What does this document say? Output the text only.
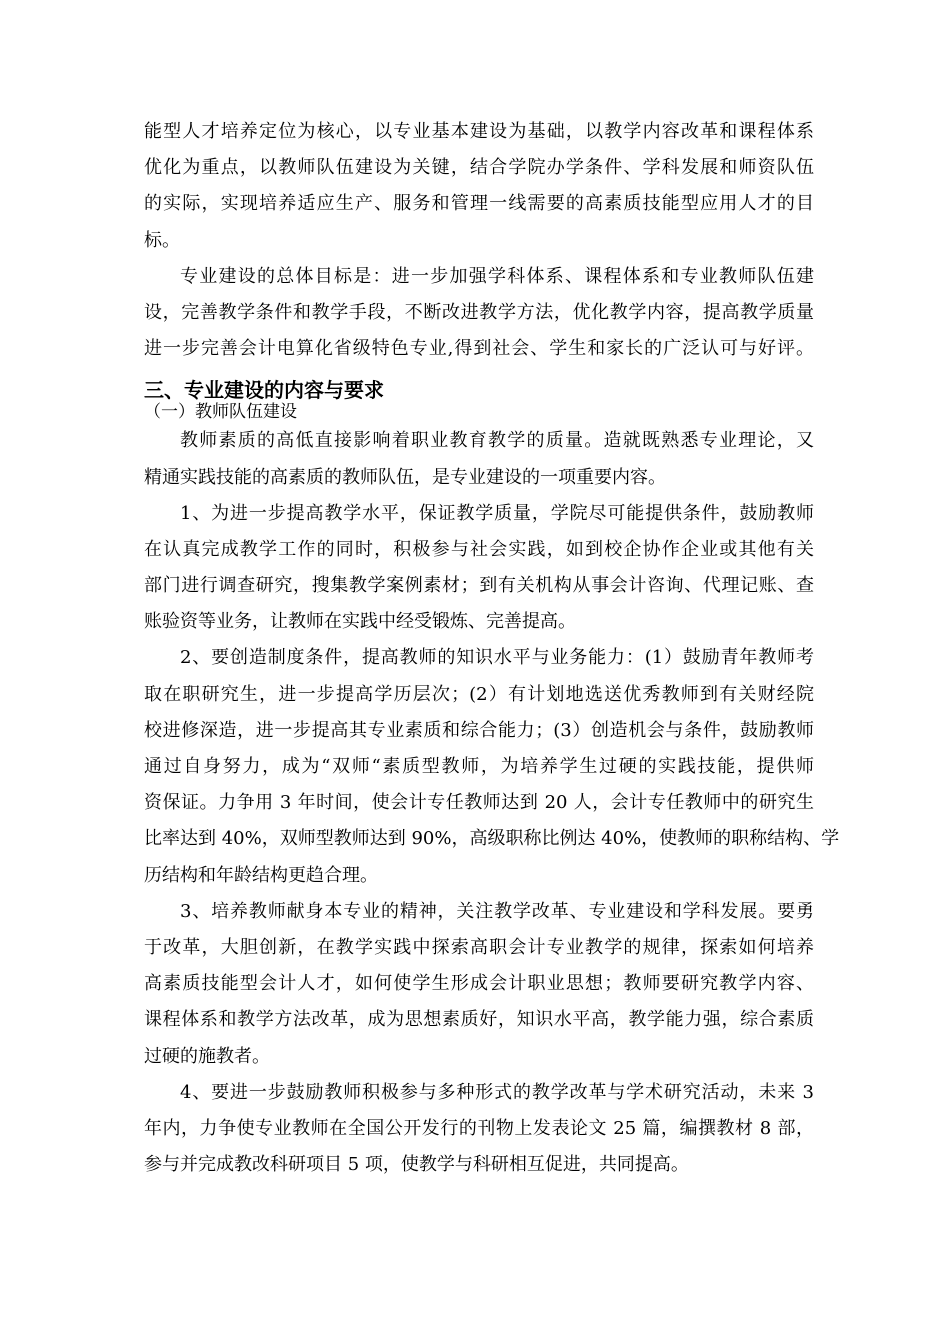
能型人才培养定位为核心，以专业基本建设为基础，以教学内容改革和课程体系
优化为重点，以教师队伍建设为关键，结合学院办学条件、学科发展和师资队伍
的实际，实现培养适应生产、服务和管理一线需要的高素质技能型应用人才的目
标。
专业建设的总体目标是：进一步加强学科体系、课程体系和专业教师队伍建
设，完善教学条件和教学手段，不断改进教学方法，优化教学内容，提高教学质量
进一步完善会计电算化省级特色专业,得到社会、学生和家长的广泛认可与好评。
三、专业建设的内容与要求
（一）教师队伍建设
教师素质的高低直接影响着职业教育教学的质量。造就既熟悉专业理论，又
精通实践技能的高素质的教师队伍，是专业建设的一项重要内容。
1、为进一步提高教学水平，保证教学质量，学院尽可能提供条件，鼓励教师
在认真完成教学工作的同时，积极参与社会实践，如到校企协作企业或其他有关
部门进行调查研究，搜集教学案例素材；到有关机构从事会计咨询、代理记账、查
账验资等业务，让教师在实践中经受锻炼、完善提高。
2、要创造制度条件，提高教师的知识水平与业务能力：(1）鼓励青年教师考
取在职研究生，进一步提高学历层次；(2）有计划地选送优秀教师到有关财经院
校进修深造，进一步提高其专业素质和综合能力；(3）创造机会与条件，鼓励教师
通过自身努力，成为“双师“素质型教师，为培养学生过硬的实践技能，提供师
资保证。力争用 3 年时间，使会计专任教师达到 20 人，会计专任教师中的研究生
比率达到 40%，双师型教师达到 90%，高级职称比例达 40%，使教师的职称结构、学
历结构和年龄结构更趋合理。
3、培养教师献身本专业的精神，关注教学改革、专业建设和学科发展。要勇
于改革，大胆创新，在教学实践中探索高职会计专业教学的规律，探索如何培养
高素质技能型会计人才，如何使学生形成会计职业思想；教师要研究教学内容、
课程体系和教学方法改革，成为思想素质好，知识水平高，教学能力强，综合素质
过硬的施教者。
4、要进一步鼓励教师积极参与多种形式的教学改革与学术研究活动，未来 3
年内，力争使专业教师在全国公开发行的刊物上发表论文 25 篇，编撰教材 8 部，
参与并完成教改科研项目 5 项，使教学与科研相互促进，共同提高。
